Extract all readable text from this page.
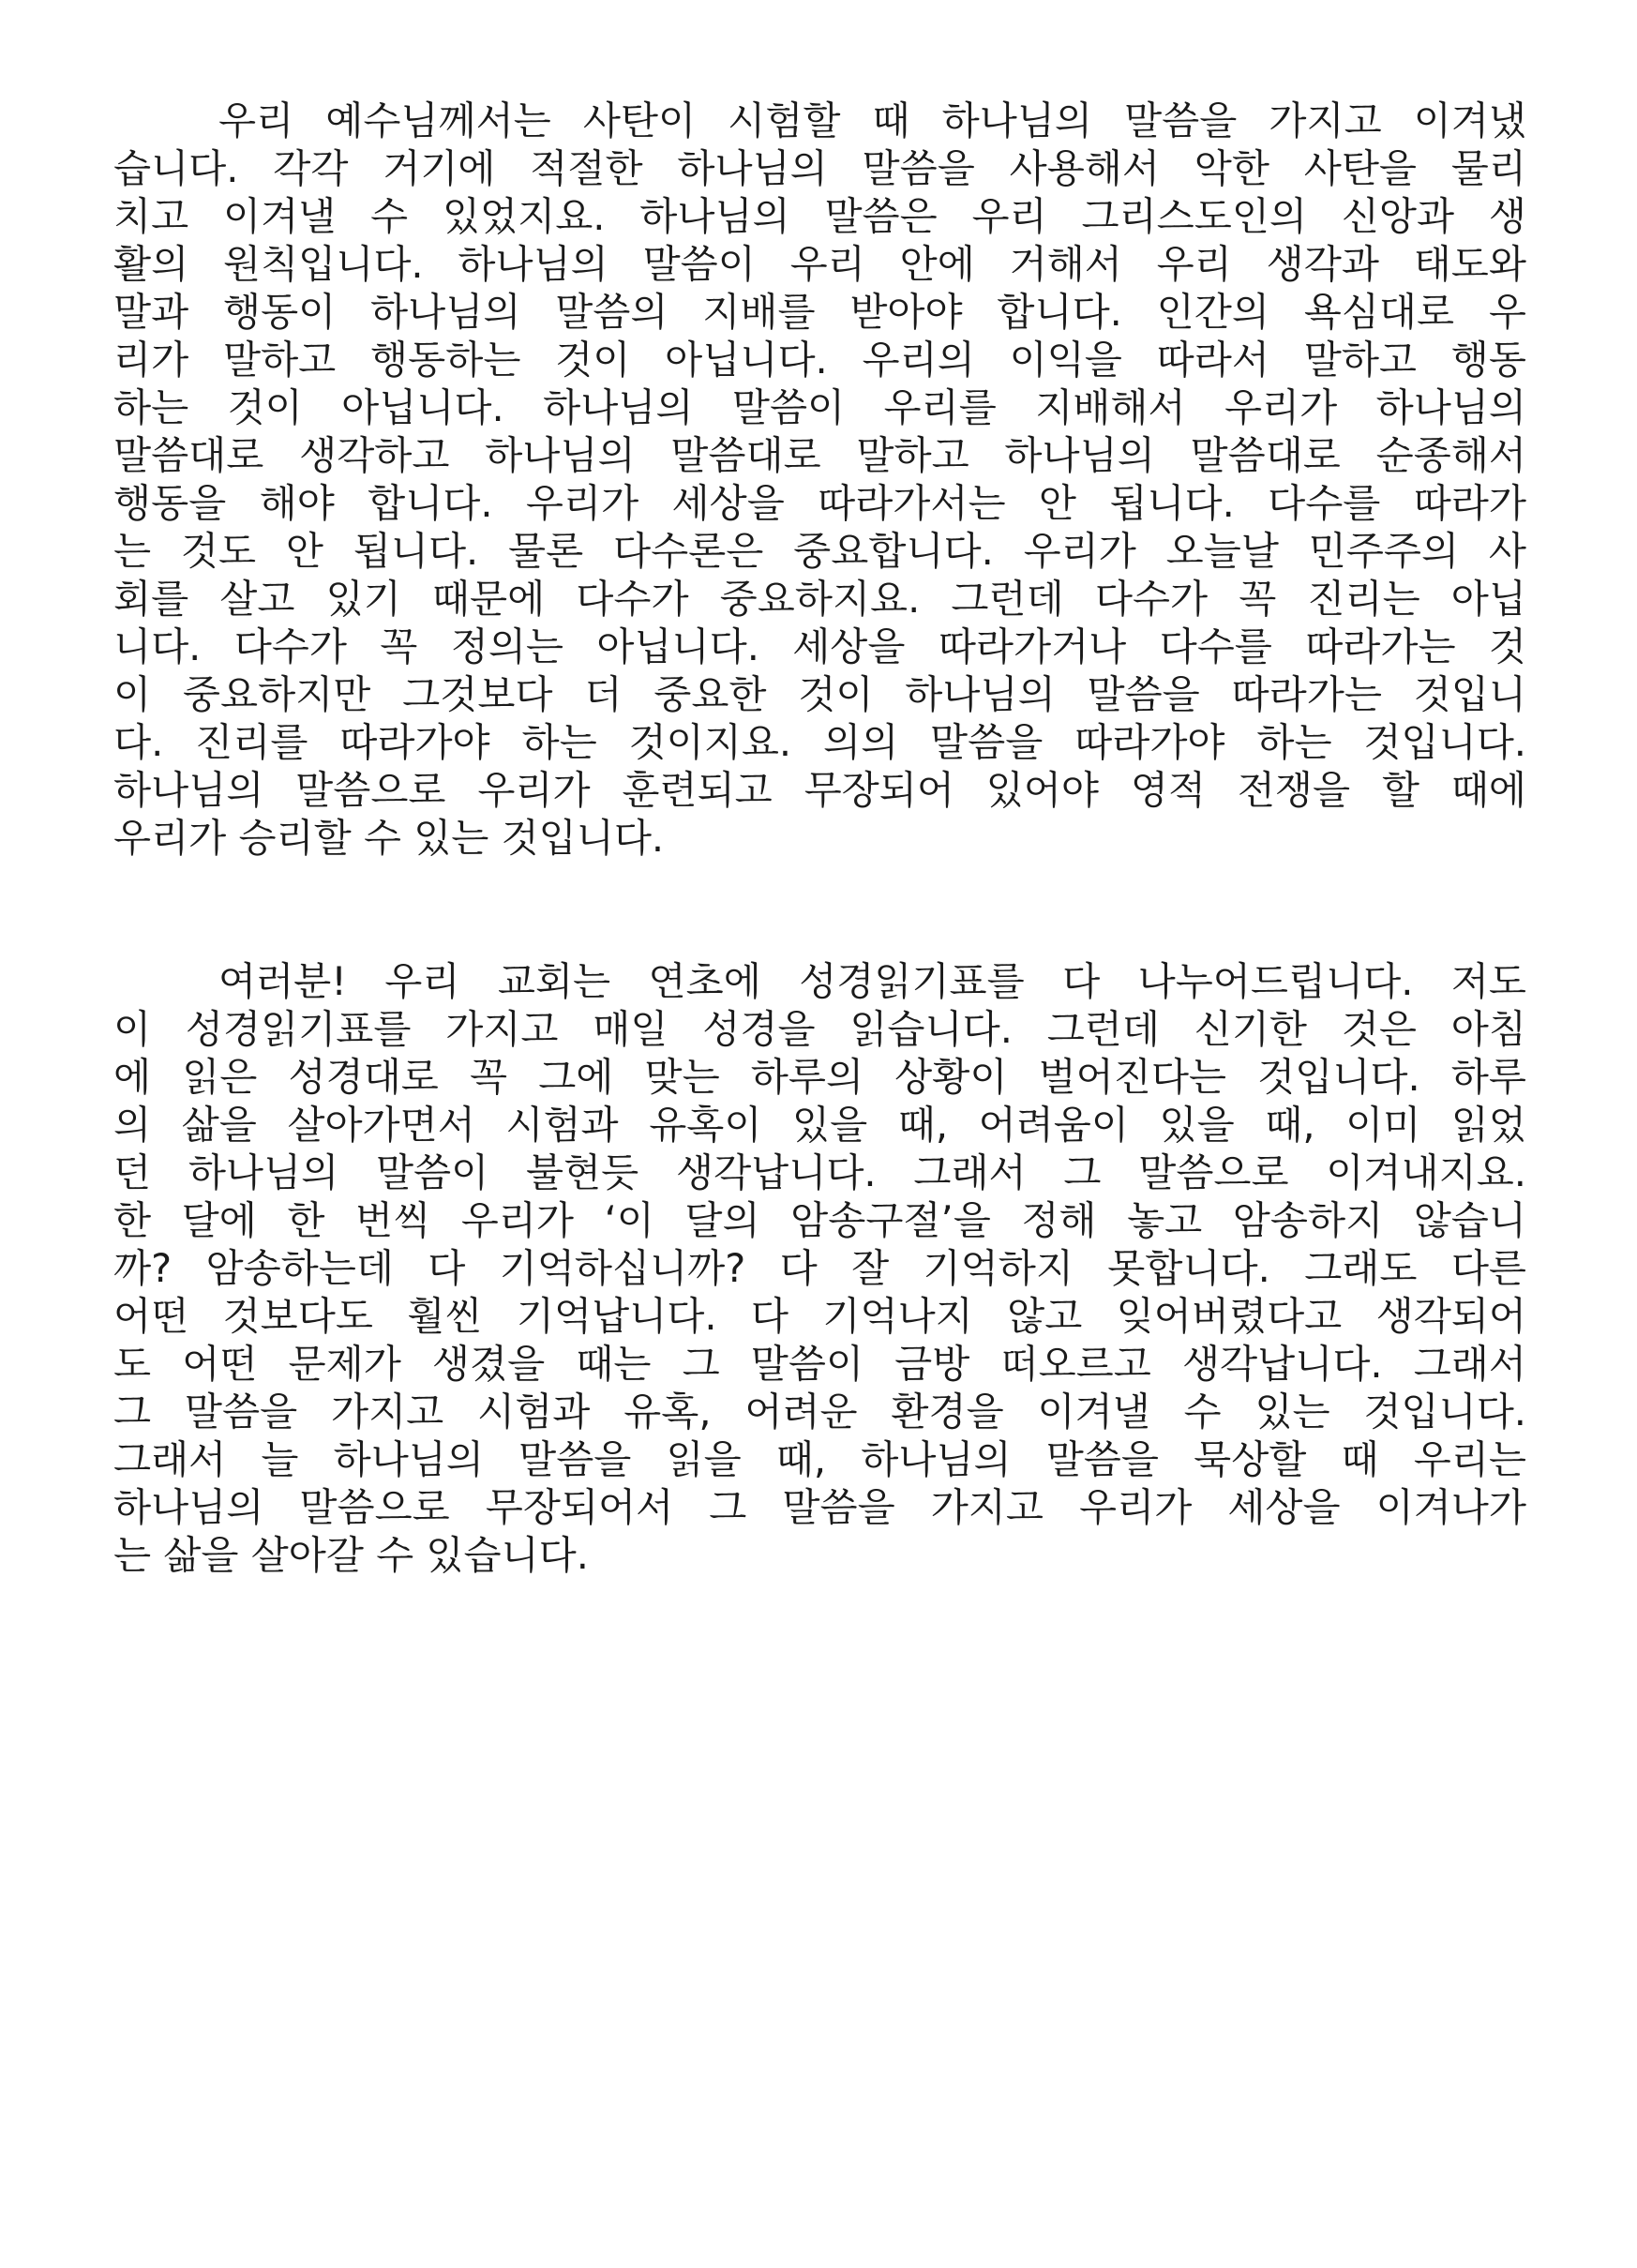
우리 예수님께서는 사탄이 시험할 때 하나님의 말씀을 가지고 이겨냈
습니다. 각각 거기에 적절한 하나님의 말씀을 사용해서 악한 사탄을 물리
치고 이겨낼 수 있었지요. 하나님의 말씀은 우리 그리스도인의 신앙과 생
활의 원칙입니다. 하나님의 말씀이 우리 안에 거해서 우리 생각과 태도와
말과 행동이 하나님의 말씀의 지배를 받아야 합니다. 인간의 욕심대로 우
리가 말하고 행동하는 것이 아닙니다. 우리의 이익을 따라서 말하고 행동
하는 것이 아닙니다. 하나님의 말씀이 우리를 지배해서 우리가 하나님의
말씀대로 생각하고 하나님의 말씀대로 말하고 하나님의 말씀대로 순종해서
행동을 해야 합니다. 우리가 세상을 따라가서는 안 됩니다. 다수를 따라가
는 것도 안 됩니다. 물론 다수론은 중요합니다. 우리가 오늘날 민주주의 사
회를 살고 있기 때문에 다수가 중요하지요. 그런데 다수가 꼭 진리는 아닙
니다. 다수가 꼭 정의는 아닙니다. 세상을 따라가거나 다수를 따라가는 것
이 중요하지만 그것보다 더 중요한 것이 하나님의 말씀을 따라가는 것입니
다. 진리를 따라가야 하는 것이지요. 의의 말씀을 따라가야 하는 것입니다.
하나님의 말씀으로 우리가 훈련되고 무장되어 있어야 영적 전쟁을 할 때에
우리가 승리할 수 있는 것입니다.
여러분! 우리 교회는 연초에 성경읽기표를 다 나누어드립니다. 저도
이 성경읽기표를 가지고 매일 성경을 읽습니다. 그런데 신기한 것은 아침
에 읽은 성경대로 꼭 그에 맞는 하루의 상황이 벌어진다는 것입니다. 하루
의 삶을 살아가면서 시험과 유혹이 있을 때, 어려움이 있을 때, 이미 읽었
던 하나님의 말씀이 불현듯 생각납니다. 그래서 그 말씀으로 이겨내지요.
한 달에 한 번씩 우리가 ‘이 달의 암송구절’을 정해 놓고 암송하지 않습니
까? 암송하는데 다 기억하십니까? 다 잘 기억하지 못합니다. 그래도 다른
어떤 것보다도 훨씬 기억납니다. 다 기억나지 않고 잊어버렸다고 생각되어
도 어떤 문제가 생겼을 때는 그 말씀이 금방 떠오르고 생각납니다. 그래서
그 말씀을 가지고 시험과 유혹, 어려운 환경을 이겨낼 수 있는 것입니다.
그래서 늘 하나님의 말씀을 읽을 때, 하나님의 말씀을 묵상할 때 우리는
하나님의 말씀으로 무장되어서 그 말씀을 가지고 우리가 세상을 이겨나가
는 삶을 살아갈 수 있습니다.
